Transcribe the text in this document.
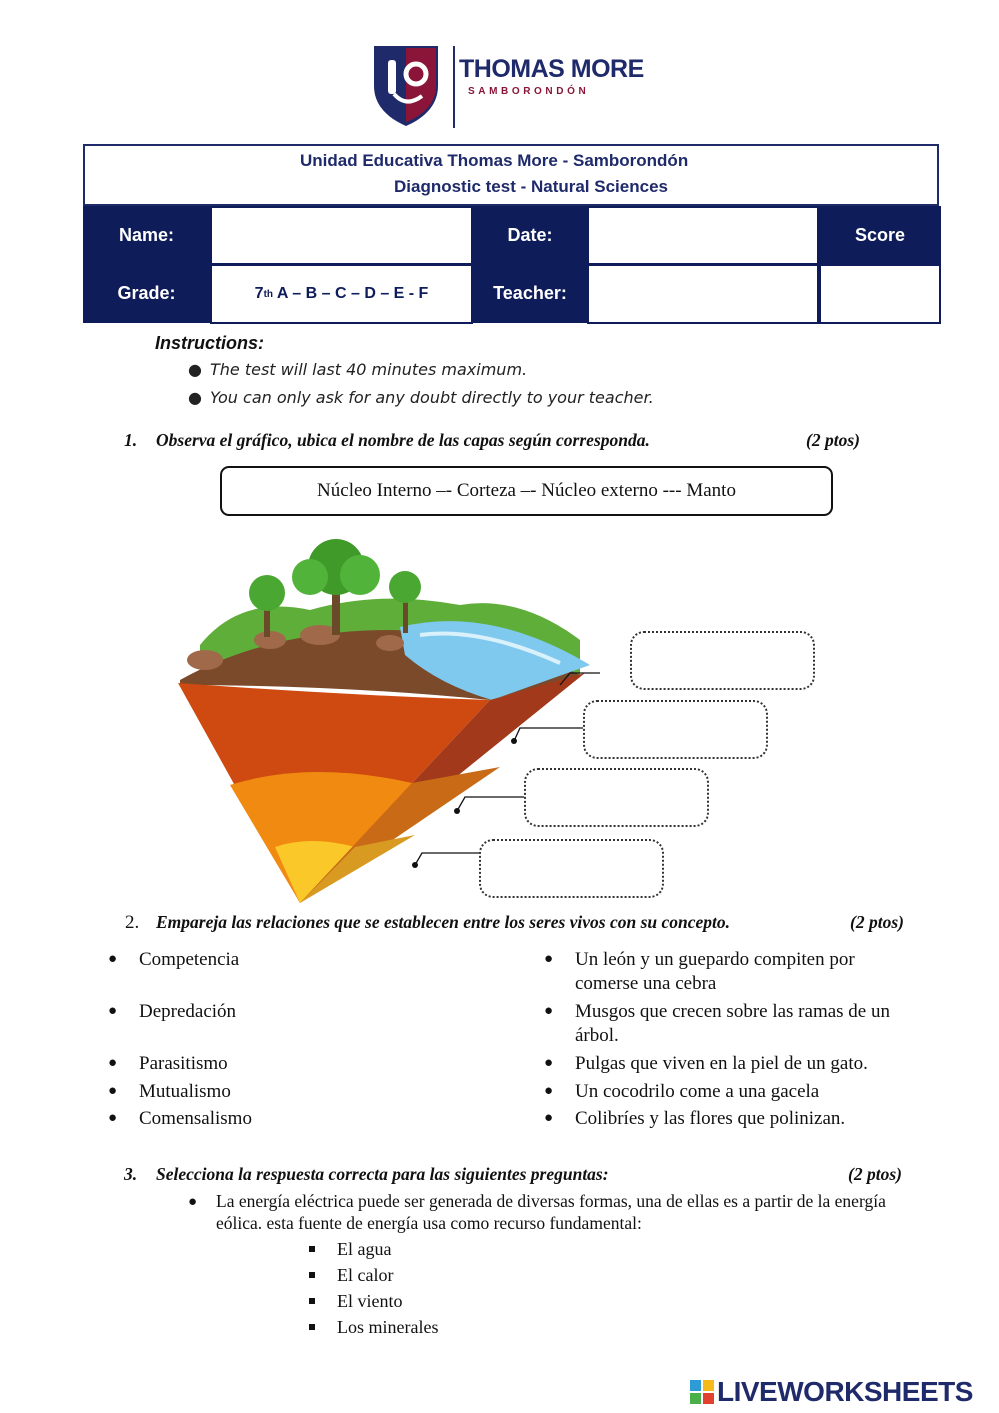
THOMAS MORE
SAMBORONDÓN
Unidad Educativa Thomas More - Samborondón
Diagnostic test - Natural Sciences
Name:	Date:	Score
Grade:	7 th A – B – C – D – E - F	Teacher:
Instructions:
● The test will last 40 minutes maximum.
● You can only ask for any doubt directly to your teacher.
1. Observa el gráfico, ubica el nombre de las capas según corresponda.	(2 ptos)
Núcleo Interno –- Corteza –- Núcleo externo --- Manto
2. Empareja las relaciones que se establecen entre los seres vivos con su concepto.	(2 ptos)
● Competencia
● Depredación
● Parasitismo
● Mutualismo
● Comensalismo
● Un león y un guepardo compiten por comerse una cebra
● Musgos que crecen sobre las ramas de un árbol.
● Pulgas que viven en la piel de un gato.
● Un cocodrilo come a una gacela
● Colibríes y las flores que polinizan.
3. Selecciona la respuesta correcta para las siguientes preguntas:	(2 ptos)
● La energía eléctrica puede ser generada de diversas formas, una de ellas es a partir de la energía eólica. esta fuente de energía usa como recurso fundamental:
El agua
El calor
El viento
Los minerales
LIVEWORKSHEETS
